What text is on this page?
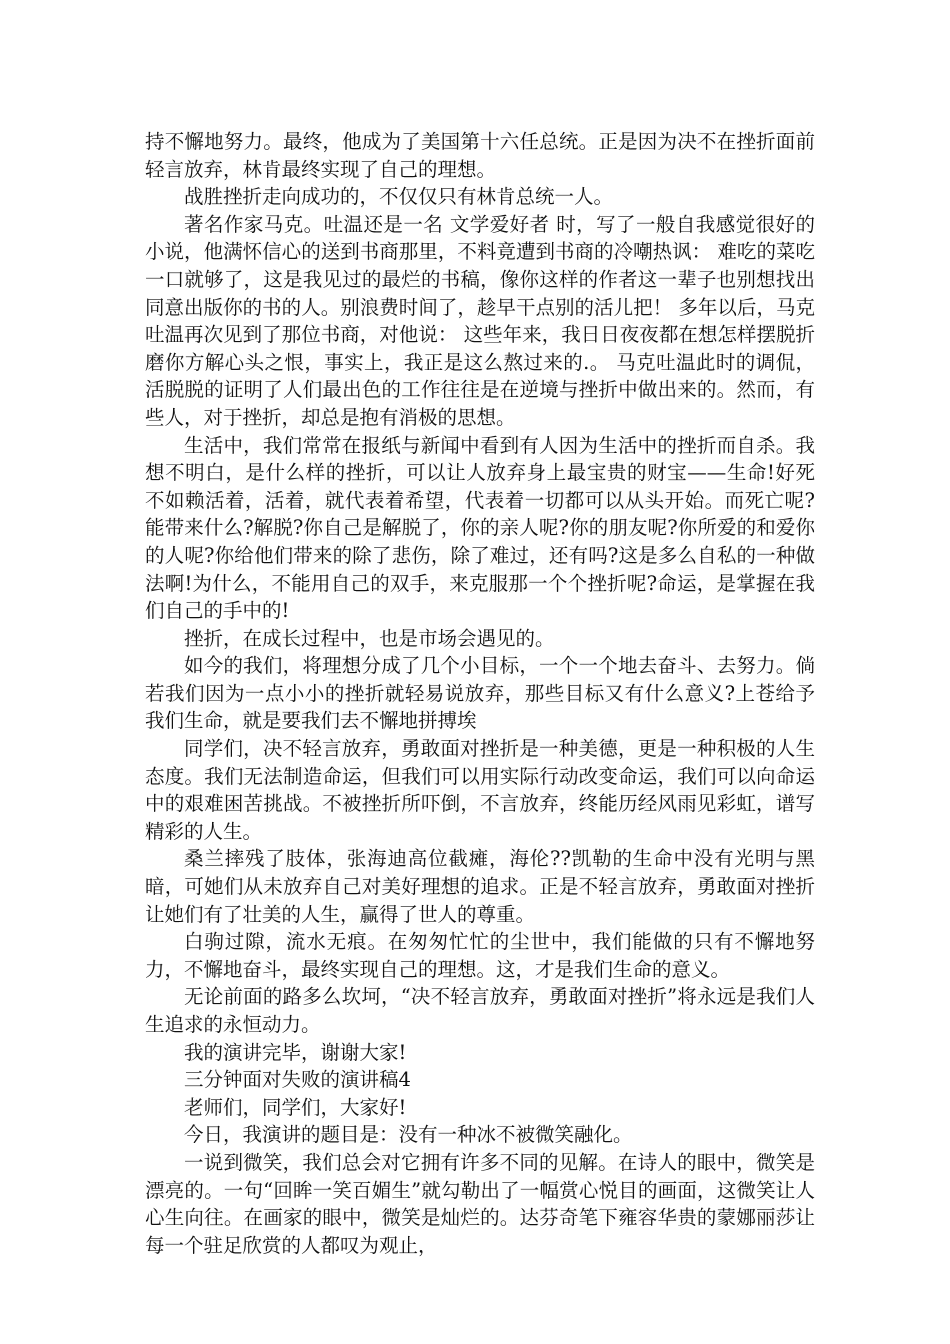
持不懈地努力。最终，他成为了美国第十六任总统。正是因为决不在挫折面前轻言放弃，林肯最终实现了自己的理想。

战胜挫折走向成功的，不仅仅只有林肯总统一人。

著名作家马克。吐温还是一名 文学爱好者 时，写了一般自我感觉很好的小说，他满怀信心的送到书商那里，不料竟遭到书商的冷嘲热讽： 难吃的菜吃一口就够了，这是我见过的最烂的书稿，像你这样的作者这一辈子也别想找出同意出版你的书的人。别浪费时间了，趁早干点别的活儿把！ 多年以后，马克吐温再次见到了那位书商，对他说： 这些年来，我日日夜夜都在想怎样摆脱折磨你方解心头之恨，事实上，我正是这么熬过来的.。 马克吐温此时的调侃，活脱脱的证明了人们最出色的工作往往是在逆境与挫折中做出来的。然而，有些人，对于挫折，却总是抱有消极的思想。

生活中，我们常常在报纸与新闻中看到有人因为生活中的挫折而自杀。我想不明白，是什么样的挫折，可以让人放弃身上最宝贵的财宝——生命!好死不如赖活着，活着，就代表着希望，代表着一切都可以从头开始。而死亡呢?能带来什么?解脱?你自己是解脱了，你的亲人呢?你的朋友呢?你所爱的和爱你的人呢?你给他们带来的除了悲伤，除了难过，还有吗?这是多么自私的一种做法啊!为什么，不能用自己的双手，来克服那一个个挫折呢?命运，是掌握在我们自己的手中的!

挫折，在成长过程中，也是市场会遇见的。

如今的我们，将理想分成了几个小目标，一个一个地去奋斗、去努力。倘若我们因为一点小小的挫折就轻易说放弃，那些目标又有什么意义?上苍给予我们生命，就是要我们去不懈地拼搏埃

同学们，决不轻言放弃，勇敢面对挫折是一种美德，更是一种积极的人生态度。我们无法制造命运，但我们可以用实际行动改变命运，我们可以向命运中的艰难困苦挑战。不被挫折所吓倒，不言放弃，终能历经风雨见彩虹，谱写精彩的人生。

桑兰摔残了肢体，张海迪高位截瘫，海伦??凯勒的生命中没有光明与黑暗，可她们从未放弃自己对美好理想的追求。正是不轻言放弃，勇敢面对挫折让她们有了壮美的人生，赢得了世人的尊重。

白驹过隙，流水无痕。在匆匆忙忙的尘世中，我们能做的只有不懈地努力，不懈地奋斗，最终实现自己的理想。这，才是我们生命的意义。

无论前面的路多么坎坷，“决不轻言放弃，勇敢面对挫折”将永远是我们人生追求的永恒动力。

我的演讲完毕，谢谢大家!

三分钟面对失败的演讲稿4

老师们，同学们，大家好!

今日，我演讲的题目是：没有一种冰不被微笑融化。

一说到微笑，我们总会对它拥有许多不同的见解。在诗人的眼中，微笑是漂亮的。一句“回眸一笑百媚生”就勾勒出了一幅赏心悦目的画面，这微笑让人心生向往。在画家的眼中，微笑是灿烂的。达芬奇笔下雍容华贵的蒙娜丽莎让每一个驻足欣赏的人都叹为观止，
